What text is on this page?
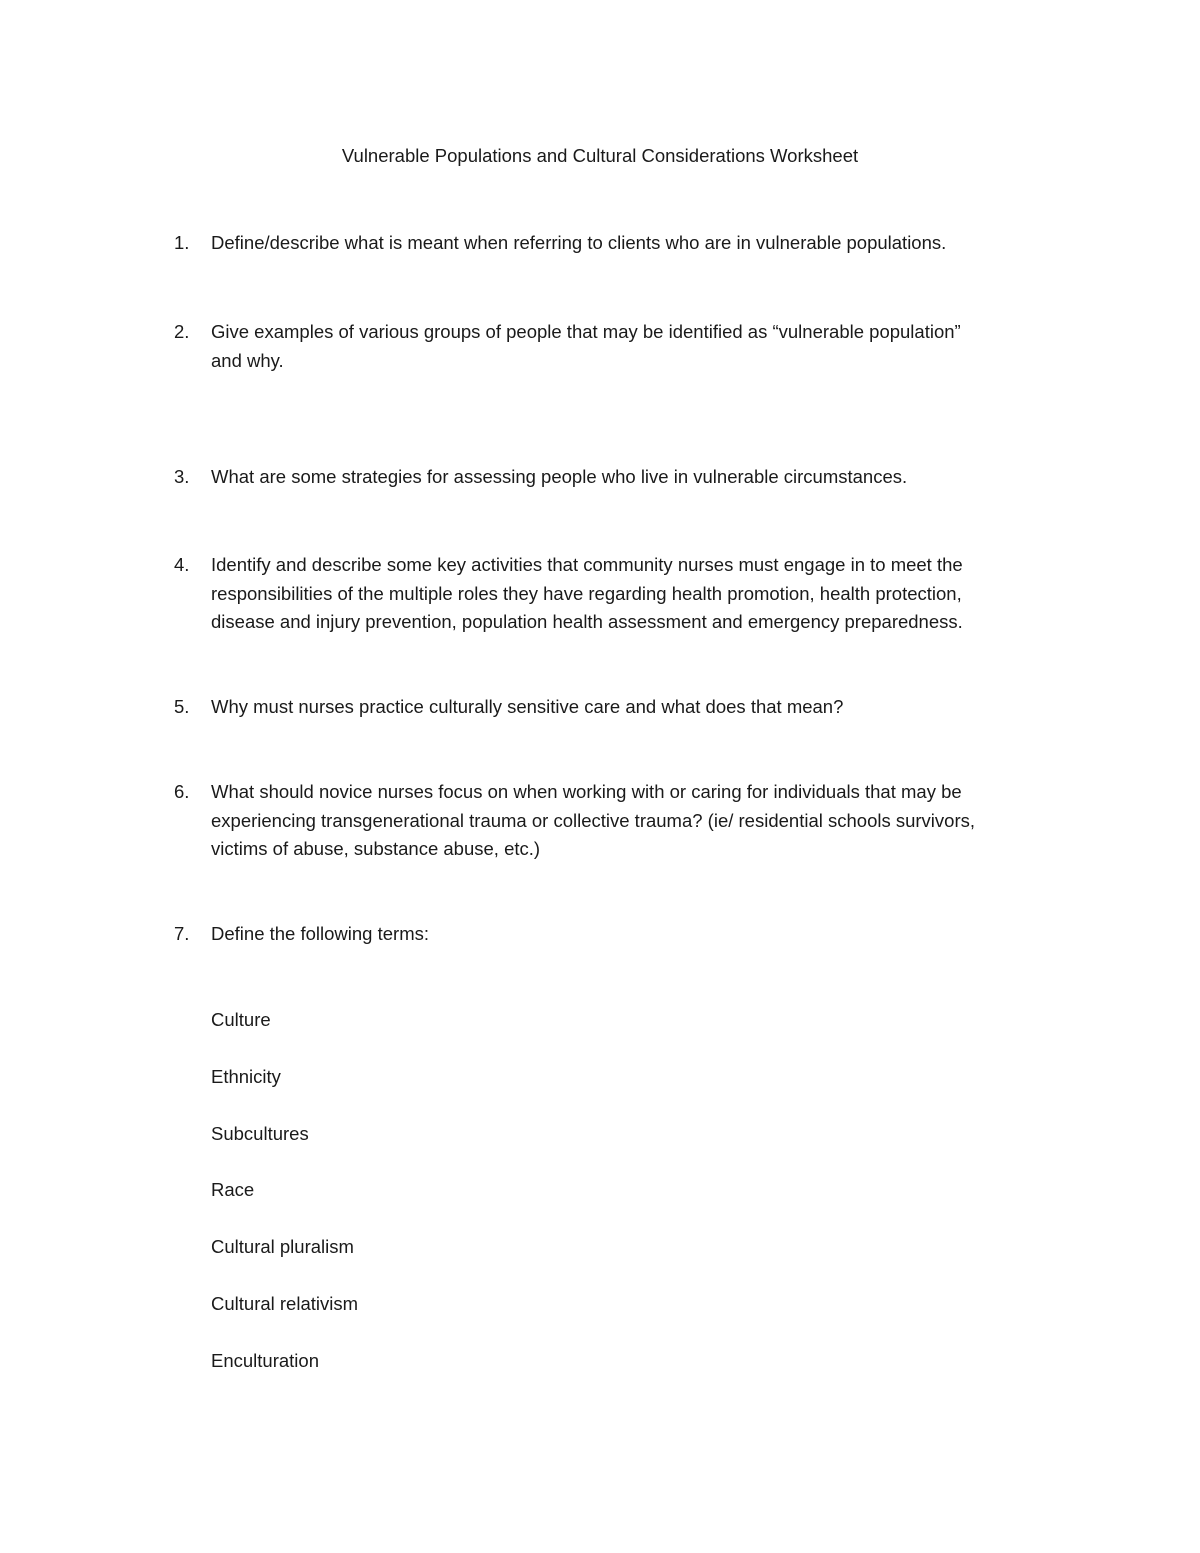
Vulnerable Populations and Cultural Considerations Worksheet
1.	Define/describe what is meant when referring to clients who are in vulnerable populations.
2.	Give examples of various groups of people that may be identified as “vulnerable population”
and why.
3.	What are some strategies for assessing people who live in vulnerable circumstances.
4.	Identify and describe some key activities that community nurses must engage in to meet the
responsibilities of the multiple roles they have regarding health promotion, health protection,
disease and injury prevention, population health assessment and emergency preparedness.
5.	Why must nurses practice culturally sensitive care and what does that mean?
6.	What should novice nurses focus on when working with or caring for individuals that may be
experiencing transgenerational trauma or collective trauma? (ie/ residential schools survivors,
victims of abuse, substance abuse, etc.)
7.	Define the following terms:
Culture
Ethnicity
Subcultures
Race
Cultural pluralism
Cultural relativism
Enculturation
